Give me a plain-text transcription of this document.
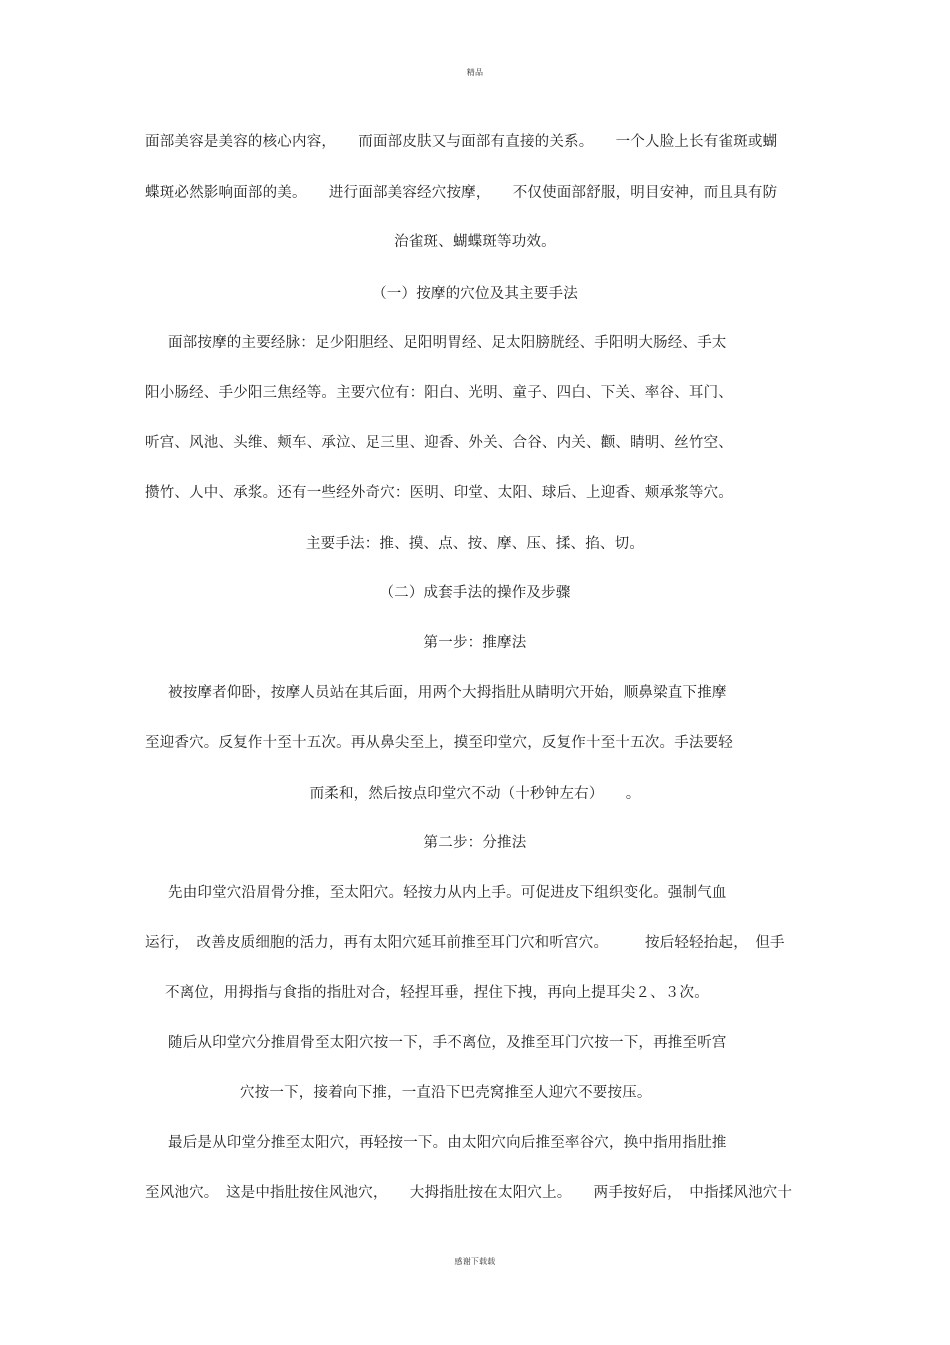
精品
面部美容是美容的核心内容，　　而面部皮肤又与面部有直接的关系。　　一个人脸上长有雀斑或蝴
蝶斑必然影响面部的美。　　进行面部美容经穴按摩，　　不仅使面部舒服，明目安神，而且具有防
治雀斑、蝴蝶斑等功效。
（一）按摩的穴位及其主要手法
面部按摩的主要经脉：足少阳胆经、足阳明胃经、足太阳膀胱经、手阳明大肠经、手太
阳小肠经、手少阳三焦经等。主要穴位有：阳白、光明、童子、四白、下关、率谷、耳门、
听宫、风池、头维、颊车、承泣、足三里、迎香、外关、合谷、内关、颧、睛明、丝竹空、
攒竹、人中、承浆。还有一些经外奇穴：医明、印堂、太阳、球后、上迎香、颊承浆等穴。
主要手法：推、摸、点、按、摩、压、揉、掐、切。
（二）成套手法的操作及步骤
第一步：推摩法
被按摩者仰卧，按摩人员站在其后面，用两个大拇指肚从睛明穴开始，顺鼻梁直下推摩
至迎香穴。反复作十至十五次。再从鼻尖至上，摸至印堂穴，反复作十至十五次。手法要轻
而柔和，然后按点印堂穴不动（十秒钟左右）　　。
第二步：分推法
先由印堂穴沿眉骨分推，至太阳穴。轻按力从内上手。可促进皮下组织变化。强制气血
运行，　改善皮质细胞的活力，再有太阳穴延耳前推至耳门穴和听宫穴。　　　按后轻轻抬起，　但手
不离位，用拇指与食指的指肚对合，轻捏耳垂，捏住下拽，再向上提耳尖２、３次。
随后从印堂穴分推眉骨至太阳穴按一下，手不离位，及推至耳门穴按一下，再推至听宫
穴按一下，接着向下推，一直沿下巴壳窝推至人迎穴不要按压。
最后是从印堂分推至太阳穴，再轻按一下。由太阳穴向后推至率谷穴，换中指用指肚推
至风池穴。　这是中指肚按住风池穴，　　大拇指肚按在太阳穴上。　　两手按好后，　中指揉风池穴十
感谢下载载
